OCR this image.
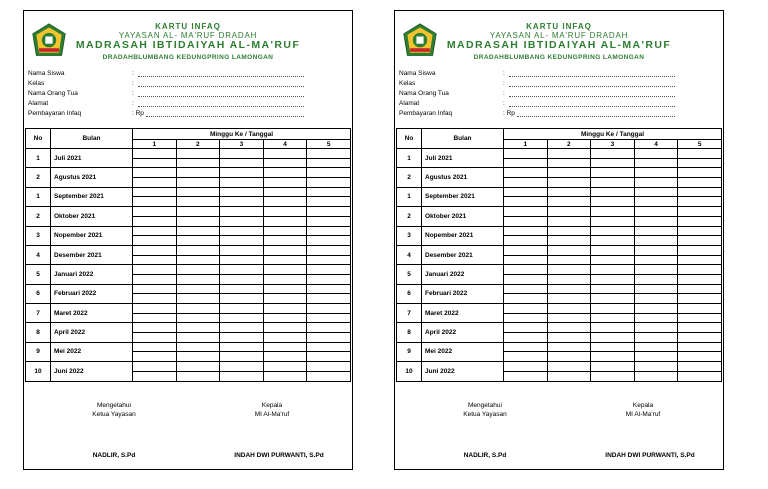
KARTU INFAQ
YAYASAN AL- MA'RUF DRADAH
MADRASAH IBTIDAIYAH AL-MA'RUF
DRADAHBLUMBANG KEDUNGPRING LAMONGAN
Nama Siswa	:
Kelas	:
Nama Orang Tua	:
Alamat	:
Pembayaran Infaq	: Rp
No	Bulan	Minggu Ke / Tanggal				
		1	2	3	4	5
1	Juli 2021					

2	Agustus 2021					

1	September 2021					

2	Oktober 2021					

3	Nopember 2021					

4	Desember 2021					

5	Januari 2022					

6	Februari 2022					

7	Maret 2022					

8	April 2022					

9	Mei 2022					

10	Juni 2022					

Mengetahui
Ketua Yayasan
Kepala
MI Al-Ma'ruf
NADLIR, S.Pd	INDAH DWI PURWANTI, S.Pd
KARTU INFAQ
YAYASAN AL- MA'RUF DRADAH
MADRASAH IBTIDAIYAH AL-MA'RUF
DRADAHBLUMBANG KEDUNGPRING LAMONGAN
Nama Siswa	:
Kelas	:
Nama Orang Tua	:
Alamat	:
Pembayaran Infaq	: Rp
No	Bulan	Minggu Ke / Tanggal				
		1	2	3	4	5
1	Juli 2021					

2	Agustus 2021					

1	September 2021					

2	Oktober 2021					

3	Nopember 2021					

4	Desember 2021					

5	Januari 2022					

6	Februari 2022					

7	Maret 2022					

8	April 2022					

9	Mei 2022					

10	Juni 2022					

Mengetahui
Ketua Yayasan
Kepala
MI Al-Ma'ruf
NADLIR, S.Pd	INDAH DWI PURWANTI, S.Pd
